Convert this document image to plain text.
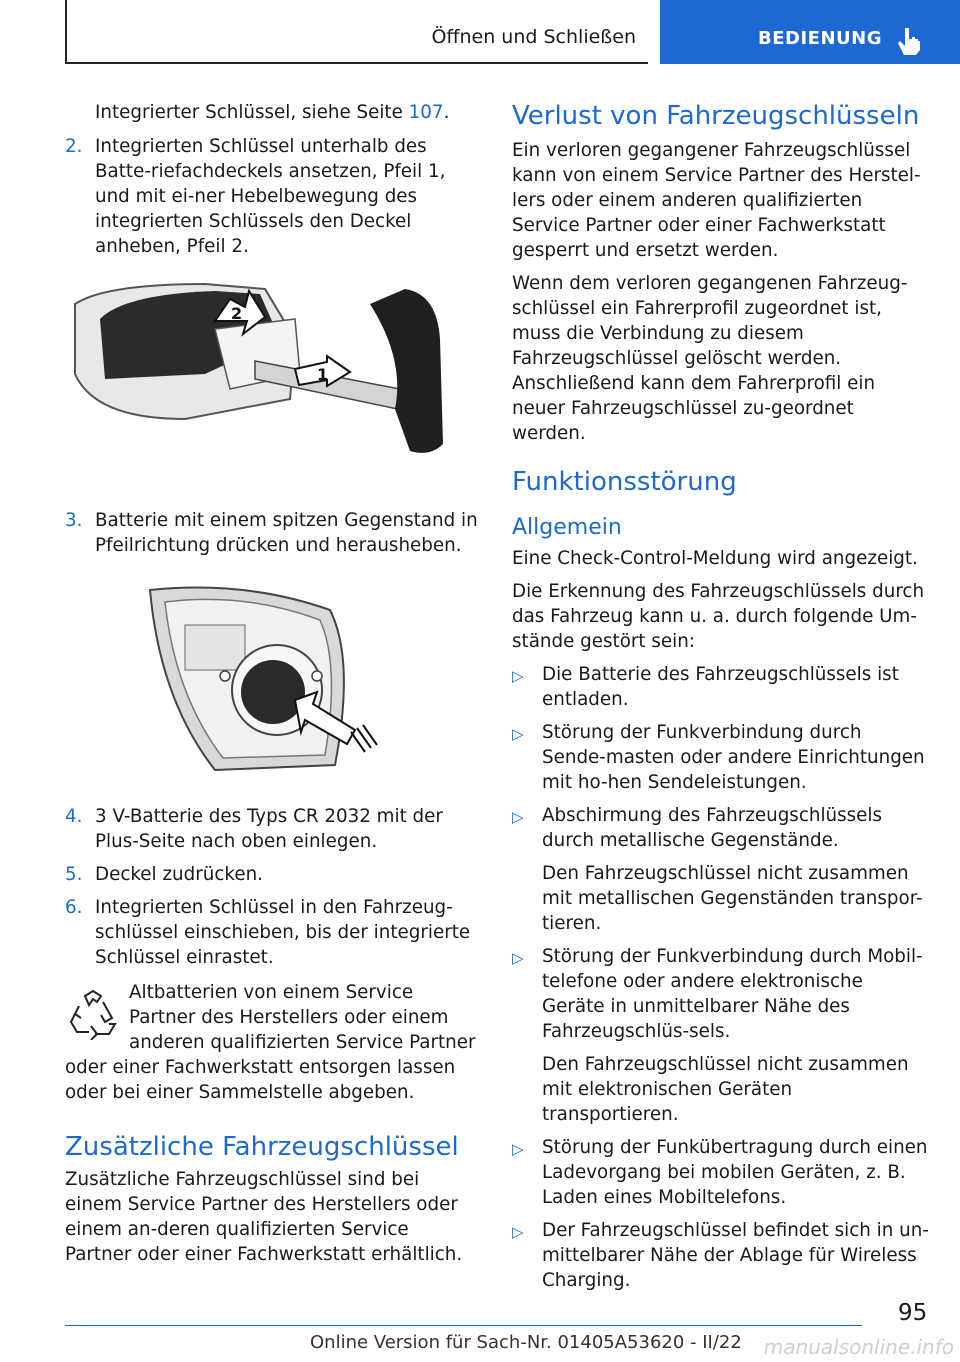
Öffnen und Schließen	BEDIENUNG

Integrierter Schlüssel, siehe Seite 107.

2. Integrierten Schlüssel unterhalb des Batte-riefachdeckels ansetzen, Pfeil 1, und mit ei-ner Hebelbewegung des integrierten Schlüssels den Deckel anheben, Pfeil 2.

1
2
3. Batterie mit einem spitzen Gegenstand in Pfeilrichtung drücken und herausheben.

4. 3 V-Batterie des Typs CR 2032 mit der Plus-Seite nach oben einlegen.

5. Deckel zudrücken.

6. Integrierten Schlüssel in den Fahrzeug-schlüssel einschieben, bis der integrierte Schlüssel einrastet.

Altbatterien von einem Service Partner des Herstellers oder einem anderen qualifizierten Service Partner oder einer Fachwerkstatt entsorgen lassen oder bei einer Sammelstelle abgeben.

Zusätzliche Fahrzeugschlüssel

Zusätzliche Fahrzeugschlüssel sind bei einem Service Partner des Herstellers oder einem an-deren qualifizierten Service Partner oder einer Fachwerkstatt erhältlich.

Verlust von Fahrzeugschlüsseln

Ein verloren gegangener Fahrzeugschlüssel kann von einem Service Partner des Herstel-lers oder einem anderen qualifizierten Service Partner oder einer Fachwerkstatt gesperrt und ersetzt werden.

Wenn dem verloren gegangenen Fahrzeug-schlüssel ein Fahrerprofil zugeordnet ist, muss die Verbindung zu diesem Fahrzeugschlüssel gelöscht werden. Anschließend kann dem Fahrerprofil ein neuer Fahrzeugschlüssel zu-geordnet werden.

Funktionsstörung
Allgemein

Eine Check-Control-Meldung wird angezeigt.

Die Erkennung des Fahrzeugschlüssels durch das Fahrzeug kann u. a. durch folgende Um-stände gestört sein:

▷ Die Batterie des Fahrzeugschlüssels ist entladen.

▷ Störung der Funkverbindung durch Sende-masten oder andere Einrichtungen mit ho-hen Sendeleistungen.

▷ Abschirmung des Fahrzeugschlüssels durch metallische Gegenstände.

Den Fahrzeugschlüssel nicht zusammen mit metallischen Gegenständen transpor-tieren.

▷ Störung der Funkverbindung durch Mobil-telefone oder andere elektronische Geräte in unmittelbarer Nähe des Fahrzeugschlüs-sels.

Den Fahrzeugschlüssel nicht zusammen mit elektronischen Geräten transportieren.

▷ Störung der Funkübertragung durch einen Ladevorgang bei mobilen Geräten, z. B. Laden eines Mobiltelefons.

▷ Der Fahrzeugschlüssel befindet sich in un-mittelbarer Nähe der Ablage für Wireless Charging.

95
Online Version für Sach-Nr. 01405A53620 - II/22 manualsonline.info
